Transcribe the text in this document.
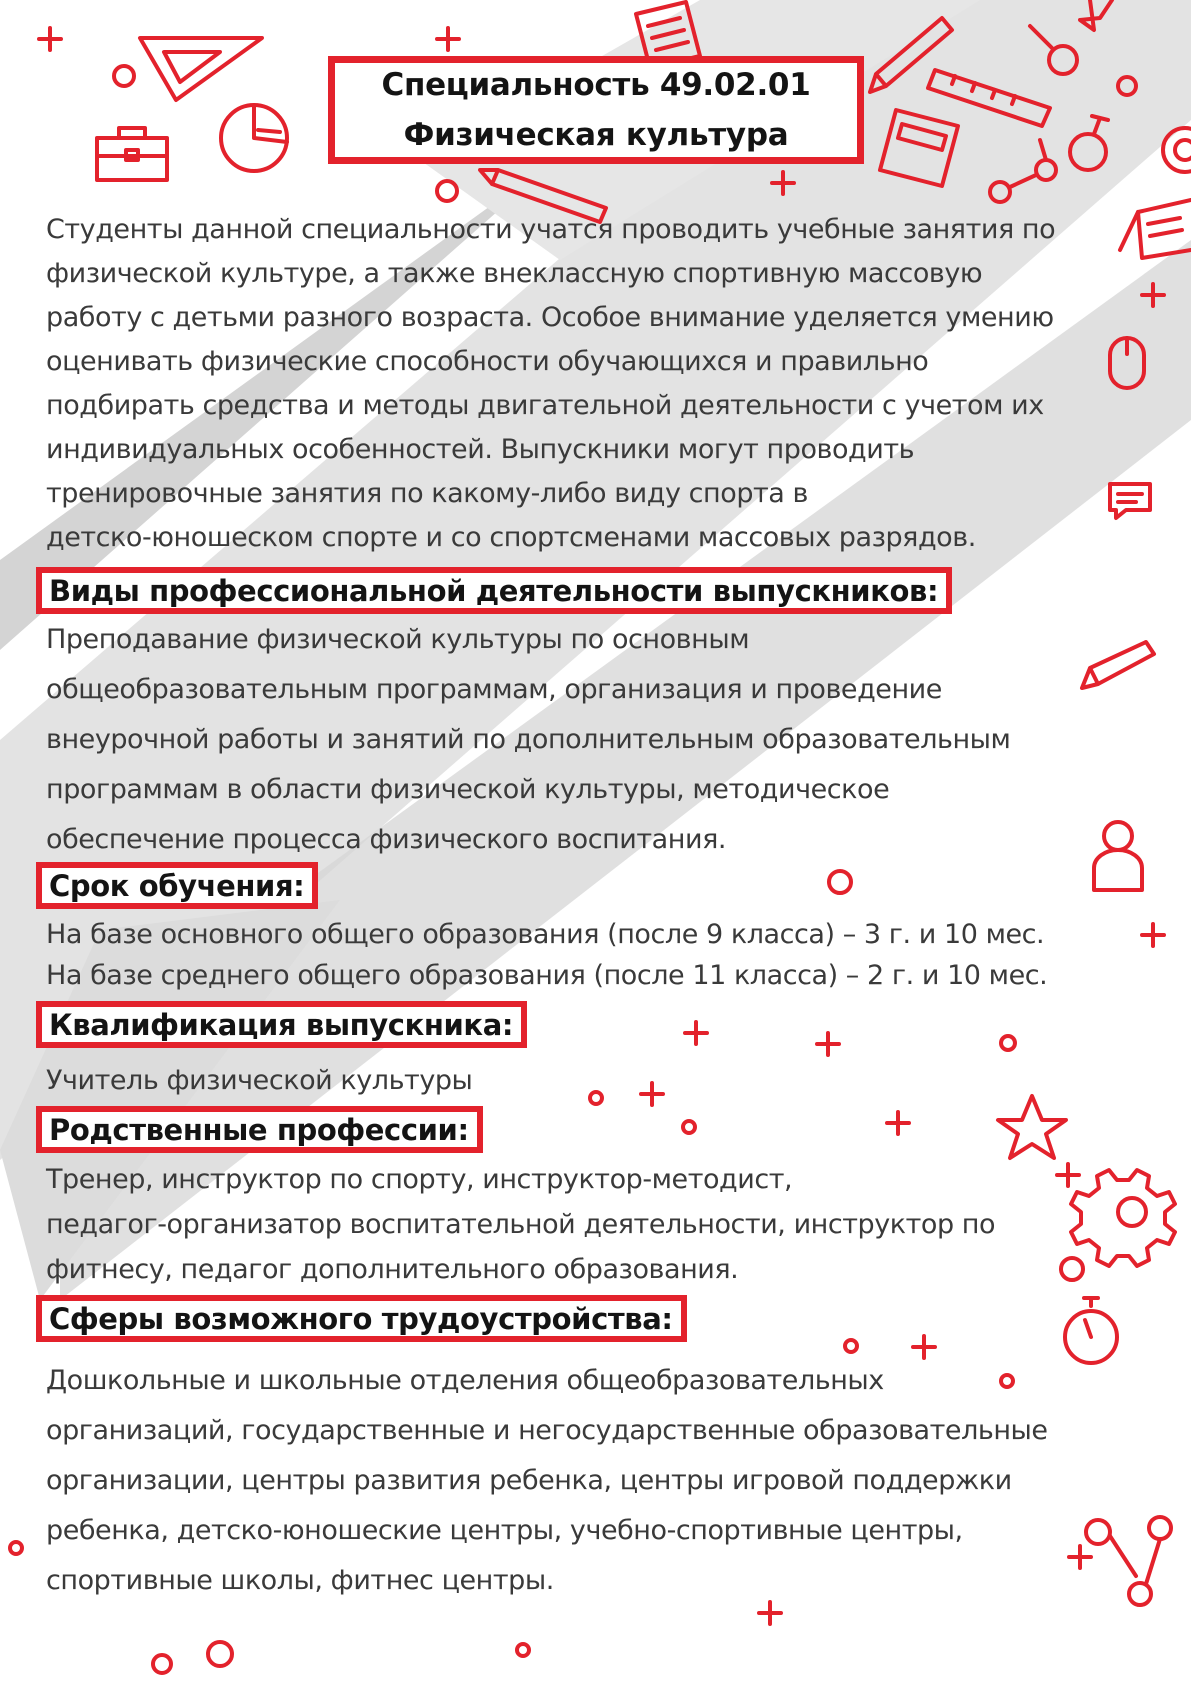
Специальность 49.02.01
Физическая культура

Студенты данной специальности учатся проводить учебные занятия по
физической культуре, а также внеклассную спортивную массовую
работу с детьми разного возраста. Особое внимание уделяется умению
оценивать физические способности обучающихся и правильно
подбирать средства и методы двигательной деятельности с учетом их
индивидуальных особенностей. Выпускники могут проводить
тренировочные занятия по какому-либо виду спорта в
детско-юношеском спорте и со спортсменами массовых разрядов.

Виды профессиональной деятельности выпускников:

Преподавание физической культуры по основным
общеобразовательным программам, организация и проведение
внеурочной работы и занятий по дополнительным образовательным
программам в области физической культуры, методическое
обеспечение процесса физического воспитания.

Срок обучения:

На базе основного общего образования (после 9 класса) – 3 г. и 10 мес.
На базе среднего общего образования (после 11 класса) – 2 г. и 10 мес.

Квалификация выпускника:

Учитель физической культуры

Родственные профессии:

Тренер, инструктор по спорту, инструктор-методист,
педагог-организатор воспитательной деятельности, инструктор по
фитнесу, педагог дополнительного образования.

Сферы возможного трудоустройства:

Дошкольные и школьные отделения общеобразовательных
организаций, государственные и негосударственные образовательные
организации, центры развития ребенка, центры игровой поддержки
ребенка, детско-юношеские центры, учебно-спортивные центры,
спортивные школы, фитнес центры.
